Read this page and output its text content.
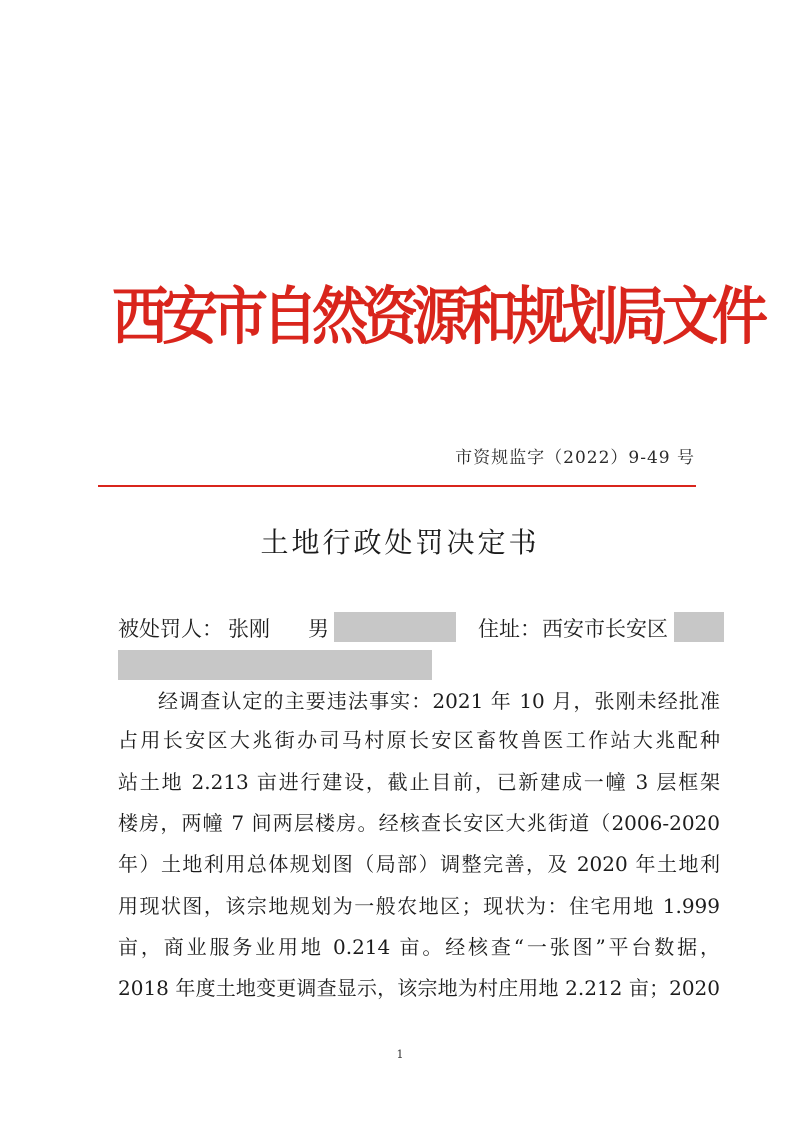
西安市自然资源和规划局文件
市资规监字（2022）9-49 号
土地行政处罚决定书
被处罚人： 张刚 男	住址： 西安市长安区
经调查认定的主要违法事实：2021 年 10 月，张刚未经批准
占用长安区大兆街办司马村原长安区畜牧兽医工作站大兆配种
站土地 2.213 亩进行建设，截止目前，已新建成一幢 3 层框架
楼房，两幢 7 间两层楼房。经核查长安区大兆街道（2006-2020
年）土地利用总体规划图（局部）调整完善，及 2020 年土地利
用现状图，该宗地规划为一般农地区；现状为：住宅用地 1.999
亩，商业服务业用地 0.214 亩。经核查“一张图”平台数据，
2018 年度土地变更调查显示，该宗地为村庄用地 2.212 亩；2020
1
